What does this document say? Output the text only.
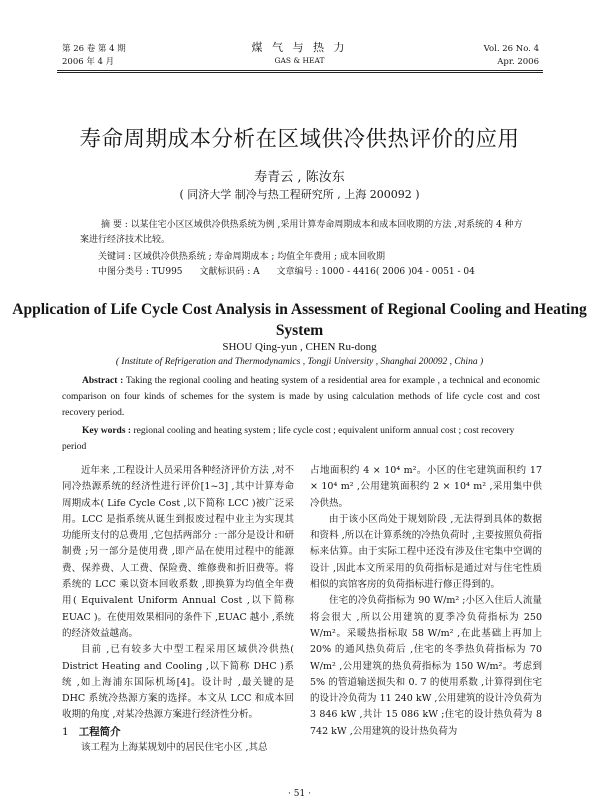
第 26 卷 第 4 期
2006 年 4 月
煤 气 与 热 力
GAS & HEAT
Vol. 26 No. 4
Apr. 2006
寿命周期成本分析在区域供冷供热评价的应用
寿青云 , 陈汝东
( 同济大学 制冷与热工程研究所 , 上海 200092 )
摘 要 : 以某住宅小区区域供冷供热系统为例 ,采用计算寿命周期成本和成本回收期的方法 ,对系统的 4 种方案进行经济技术比较。
关键词 : 区域供冷供热系统 ; 寿命周期成本 ; 均值全年费用 ; 成本回收期
中图分类号 : TU995 文献标识码 : A 文章编号 : 1000 - 4416( 2006 )04 - 0051 - 04
Application of Life Cycle Cost Analysis in Assessment of Regional Cooling and Heating System
SHOU Qing-yun , CHEN Ru-dong
( Institute of Refrigeration and Thermodynamics , Tongji University , Shanghai 200092 , China )
Abstract : Taking the regional cooling and heating system of a residential area for example , a technical and economic comparison on four kinds of schemes for the system is made by using calculation methods of life cycle cost and cost recovery period.
Key words : regional cooling and heating system ; life cycle cost ; equivalent uniform annual cost ; cost recovery period

近年来 ,工程设计人员采用各种经济评价方法 ,对不同冷热源系统的经济性进行评价[1~3] ,其中计算寿命周期成本( Life Cycle Cost ,以下简称 LCC )被广泛采用。LCC 是指系统从诞生到报废过程中业主为实现其功能所支付的总费用 ,它包括两部分 :一部分是设计和研制费 ;另一部分是使用费 ,即产品在使用过程中的能源费、保养费、人工费、保险费、维修费和折旧费等。将系统的 LCC 乘以资本回收系数 ,即换算为均值全年费用( Equivalent Uniform Annual Cost ,以下简称 EUAC )。在使用效果相同的条件下 ,EUAC 越小 ,系统的经济效益越高。

目前 ,已有较多大中型工程采用区域供冷供热( District Heating and Cooling ,以下简称 DHC )系统 ,如上海浦东国际机场[4]。设计时 ,最关键的是 DHC 系统冷热源方案的选择。本文从 LCC 和成本回收期的角度 ,对某冷热源方案进行经济性分析。

1 工程简介

该工程为上海某规划中的居民住宅小区 ,其总

占地面积约 4 × 10⁴ m²。小区的住宅建筑面积约 17 × 10⁴ m² ,公用建筑面积约 2 × 10⁴ m² ,采用集中供冷供热。

由于该小区尚处于规划阶段 ,无法得到具体的数据和资料 ,所以在计算系统的冷热负荷时 ,主要按照负荷指标来估算。由于实际工程中还没有涉及住宅集中空调的设计 ,因此本文所采用的负荷指标是通过对与住宅性质相似的宾馆客房的负荷指标进行修正得到的。

住宅的冷负荷指标为 90 W/m² ;小区入住后人流量将会很大 ,所以公用建筑的夏季冷负荷指标为 250 W/m²。采暖热指标取 58 W/m² ,在此基础上再加上 20% 的通风热负荷后 ,住宅的冬季热负荷指标为 70 W/m² ,公用建筑的热负荷指标为 150 W/m²。考虑到 5% 的管道输送损失和 0. 7 的使用系数 ,计算得到住宅的设计冷负荷为 11 240 kW ,公用建筑的设计冷负荷为 3 846 kW ,共计 15 086 kW ;住宅的设计热负荷为 8 742 kW ,公用建筑的设计热负荷为

· 51 ·
